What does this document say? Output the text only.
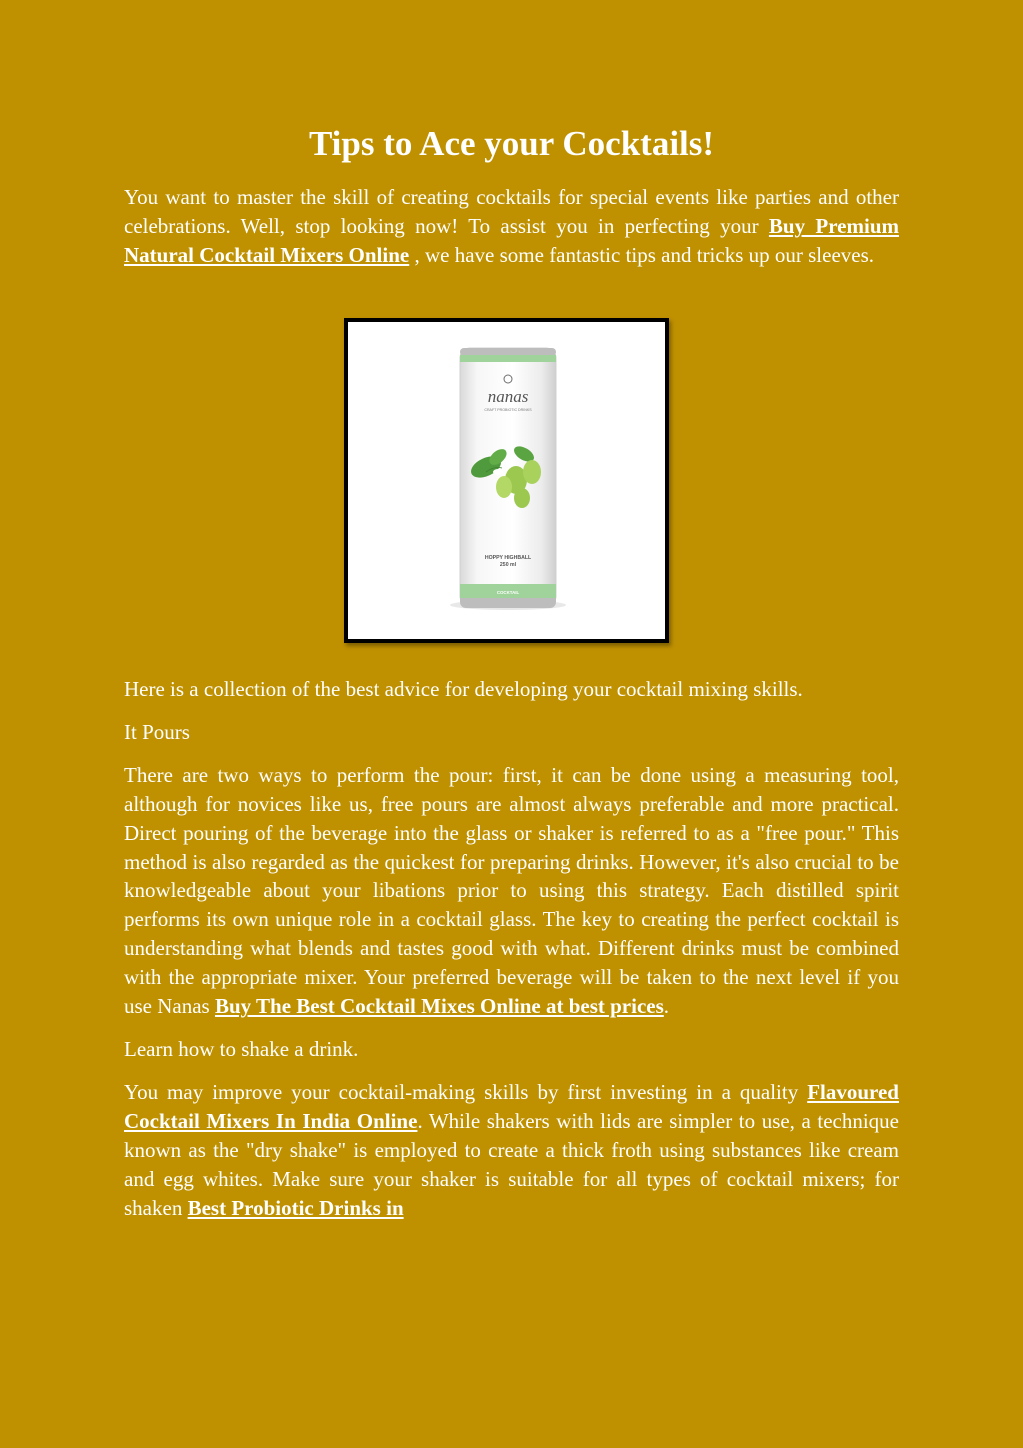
Tips to Ace your Cocktails!

You want to master the skill of creating cocktails for special events like parties and other celebrations. Well, stop looking now! To assist you in perfecting your Buy Premium Natural Cocktail Mixers Online , we have some fantastic tips and tricks up our sleeves.

nanas
CRAFT PROBIOTIC DRINKS
HOPPY HIGHBALL
250 ml
COCKTAIL

Here is a collection of the best advice for developing your cocktail mixing skills.

It Pours

There are two ways to perform the pour: first, it can be done using a measuring tool, although for novices like us, free pours are almost always preferable and more practical. Direct pouring of the beverage into the glass or shaker is referred to as a "free pour." This method is also regarded as the quickest for preparing drinks. However, it's also crucial to be knowledgeable about your libations prior to using this strategy. Each distilled spirit performs its own unique role in a cocktail glass. The key to creating the perfect cocktail is understanding what blends and tastes good with what. Different drinks must be combined with the appropriate mixer. Your preferred beverage will be taken to the next level if you use Nanas Buy The Best Cocktail Mixes Online at best prices.

Learn how to shake a drink.

You may improve your cocktail-making skills by first investing in a quality Flavoured Cocktail Mixers In India Online. While shakers with lids are simpler to use, a technique known as the "dry shake" is employed to create a thick froth using substances like cream and egg whites. Make sure your shaker is suitable for all types of cocktail mixers; for shaken Best Probiotic Drinks in
